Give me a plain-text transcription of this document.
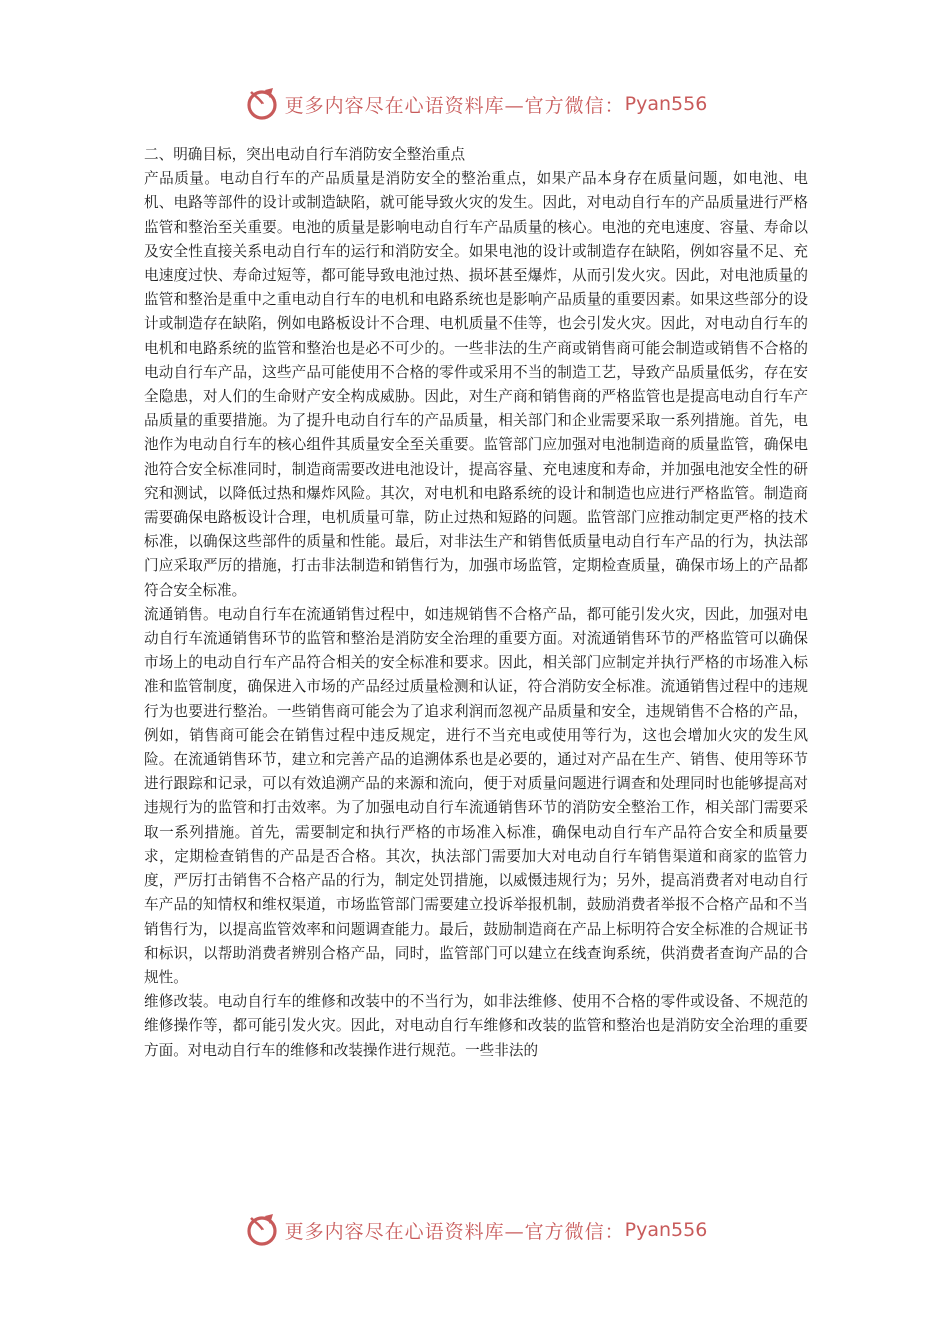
更多内容尽在心语资料库—官方微信： Pyan556

二、明确目标，突出电动自行车消防安全整治重点

产品质量。电动自行车的产品质量是消防安全的整治重点，如果产品本身存在质量问题，如电池、电机、电路等部件的设计或制造缺陷，就可能导致火灾的发生。因此，对电动自行车的产品质量进行严格监管和整治至关重要。电池的质量是影响电动自行车产品质量的核心。电池的充电速度、容量、寿命以及安全性直接关系电动自行车的运行和消防安全。如果电池的设计或制造存在缺陷，例如容量不足、充电速度过快、寿命过短等，都可能导致电池过热、损坏甚至爆炸，从而引发火灾。因此，对电池质量的监管和整治是重中之重电动自行车的电机和电路系统也是影响产品质量的重要因素。如果这些部分的设计或制造存在缺陷，例如电路板设计不合理、电机质量不佳等，也会引发火灾。因此，对电动自行车的电机和电路系统的监管和整治也是必不可少的。一些非法的生产商或销售商可能会制造或销售不合格的电动自行车产品，这些产品可能使用不合格的零件或采用不当的制造工艺，导致产品质量低劣，存在安全隐患，对人们的生命财产安全构成威胁。因此，对生产商和销售商的严格监管也是提高电动自行车产品质量的重要措施。为了提升电动自行车的产品质量，相关部门和企业需要采取一系列措施。首先，电池作为电动自行车的核心组件其质量安全至关重要。监管部门应加强对电池制造商的质量监管，确保电池符合安全标准同时，制造商需要改进电池设计，提高容量、充电速度和寿命，并加强电池安全性的研究和测试，以降低过热和爆炸风险。其次，对电机和电路系统的设计和制造也应进行严格监管。制造商需要确保电路板设计合理，电机质量可靠，防止过热和短路的问题。监管部门应推动制定更严格的技术标准，以确保这些部件的质量和性能。最后，对非法生产和销售低质量电动自行车产品的行为，执法部门应采取严厉的措施，打击非法制造和销售行为，加强市场监管，定期检查质量，确保市场上的产品都符合安全标准。

流通销售。电动自行车在流通销售过程中，如违规销售不合格产品，都可能引发火灾，因此，加强对电动自行车流通销售环节的监管和整治是消防安全治理的重要方面。对流通销售环节的严格监管可以确保市场上的电动自行车产品符合相关的安全标准和要求。因此，相关部门应制定并执行严格的市场准入标准和监管制度，确保进入市场的产品经过质量检测和认证，符合消防安全标准。流通销售过程中的违规行为也要进行整治。一些销售商可能会为了追求利润而忽视产品质量和安全，违规销售不合格的产品，例如，销售商可能会在销售过程中违反规定，进行不当充电或使用等行为，这也会增加火灾的发生风险。在流通销售环节，建立和完善产品的追溯体系也是必要的，通过对产品在生产、销售、使用等环节进行跟踪和记录，可以有效追溯产品的来源和流向，便于对质量问题进行调查和处理同时也能够提高对违规行为的监管和打击效率。为了加强电动自行车流通销售环节的消防安全整治工作，相关部门需要采取一系列措施。首先，需要制定和执行严格的市场准入标准，确保电动自行车产品符合安全和质量要求，定期检查销售的产品是否合格。其次，执法部门需要加大对电动自行车销售渠道和商家的监管力度，严厉打击销售不合格产品的行为，制定处罚措施，以威慑违规行为；另外，提高消费者对电动自行车产品的知情权和维权渠道，市场监管部门需要建立投诉举报机制，鼓励消费者举报不合格产品和不当销售行为，以提高监管效率和问题调查能力。最后，鼓励制造商在产品上标明符合安全标准的合规证书和标识，以帮助消费者辨别合格产品，同时，监管部门可以建立在线查询系统，供消费者查询产品的合规性。

维修改装。电动自行车的维修和改装中的不当行为，如非法维修、使用不合格的零件或设备、不规范的维修操作等，都可能引发火灾。因此，对电动自行车维修和改装的监管和整治也是消防安全治理的重要方面。对电动自行车的维修和改装操作进行规范。一些非法的

更多内容尽在心语资料库—官方微信： Pyan556
